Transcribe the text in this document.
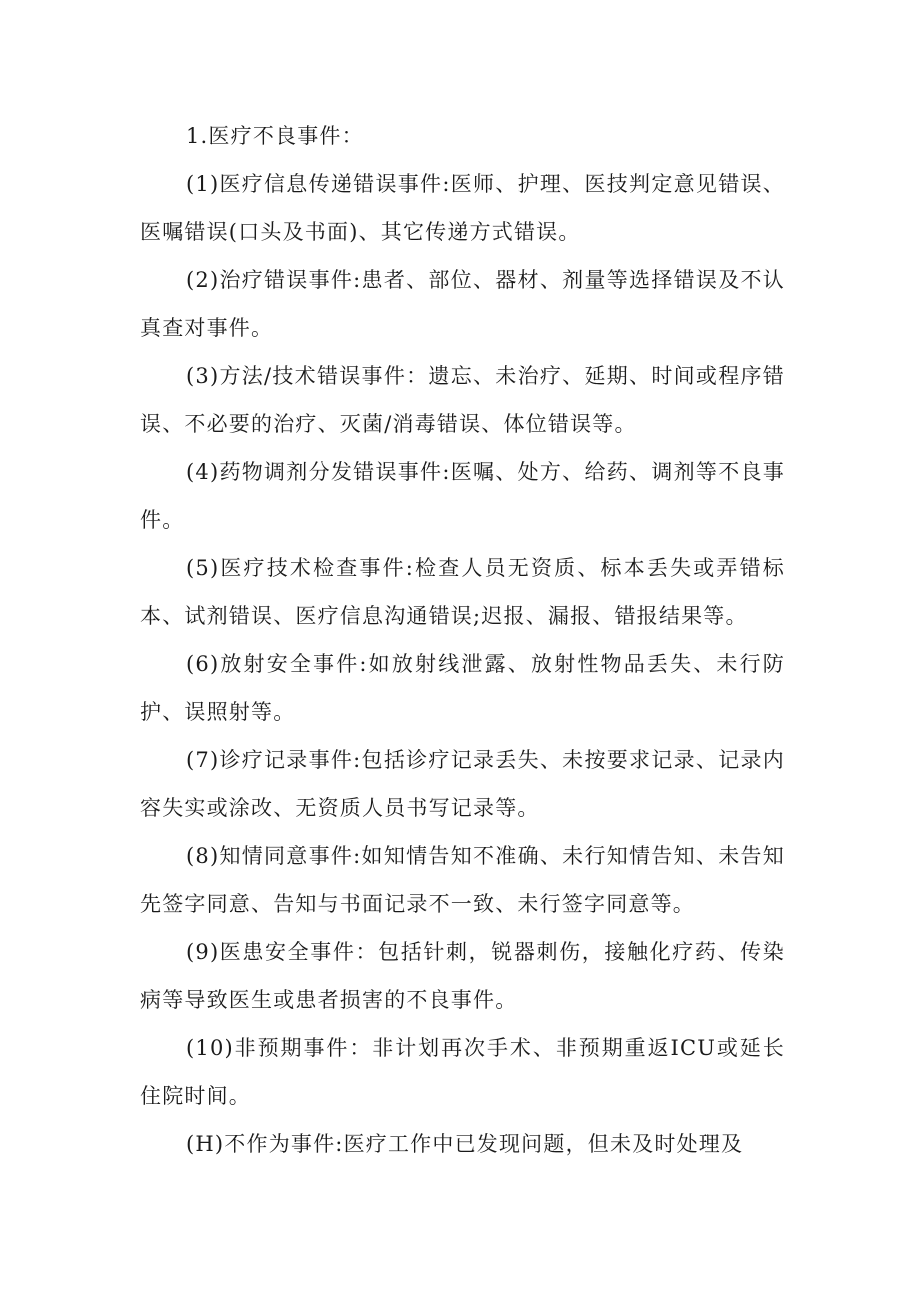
1.医疗不良事件：

(1)医疗信息传递错误事件:医师、护理、医技判定意见错误、医嘱错误(口头及书面)、其它传递方式错误。

(2)治疗错误事件:患者、部位、器材、剂量等选择错误及不认真查对事件。

(3)方法/技术错误事件：遗忘、未治疗、延期、时间或程序错误、不必要的治疗、灭菌/消毒错误、体位错误等。

(4)药物调剂分发错误事件:医嘱、处方、给药、调剂等不良事件。

(5)医疗技术检查事件:检查人员无资质、标本丢失或弄错标本、试剂错误、医疗信息沟通错误;迟报、漏报、错报结果等。

(6)放射安全事件:如放射线泄露、放射性物品丢失、未行防护、误照射等。

(7)诊疗记录事件:包括诊疗记录丢失、未按要求记录、记录内容失实或涂改、无资质人员书写记录等。

(8)知情同意事件:如知情告知不准确、未行知情告知、未告知先签字同意、告知与书面记录不一致、未行签字同意等。

(9)医患安全事件：包括针刺，锐器刺伤，接触化疗药、传染病等导致医生或患者损害的不良事件。

(10)非预期事件：非计划再次手术、非预期重返ICU或延长住院时间。

(H)不作为事件:医疗工作中已发现问题，但未及时处理及
